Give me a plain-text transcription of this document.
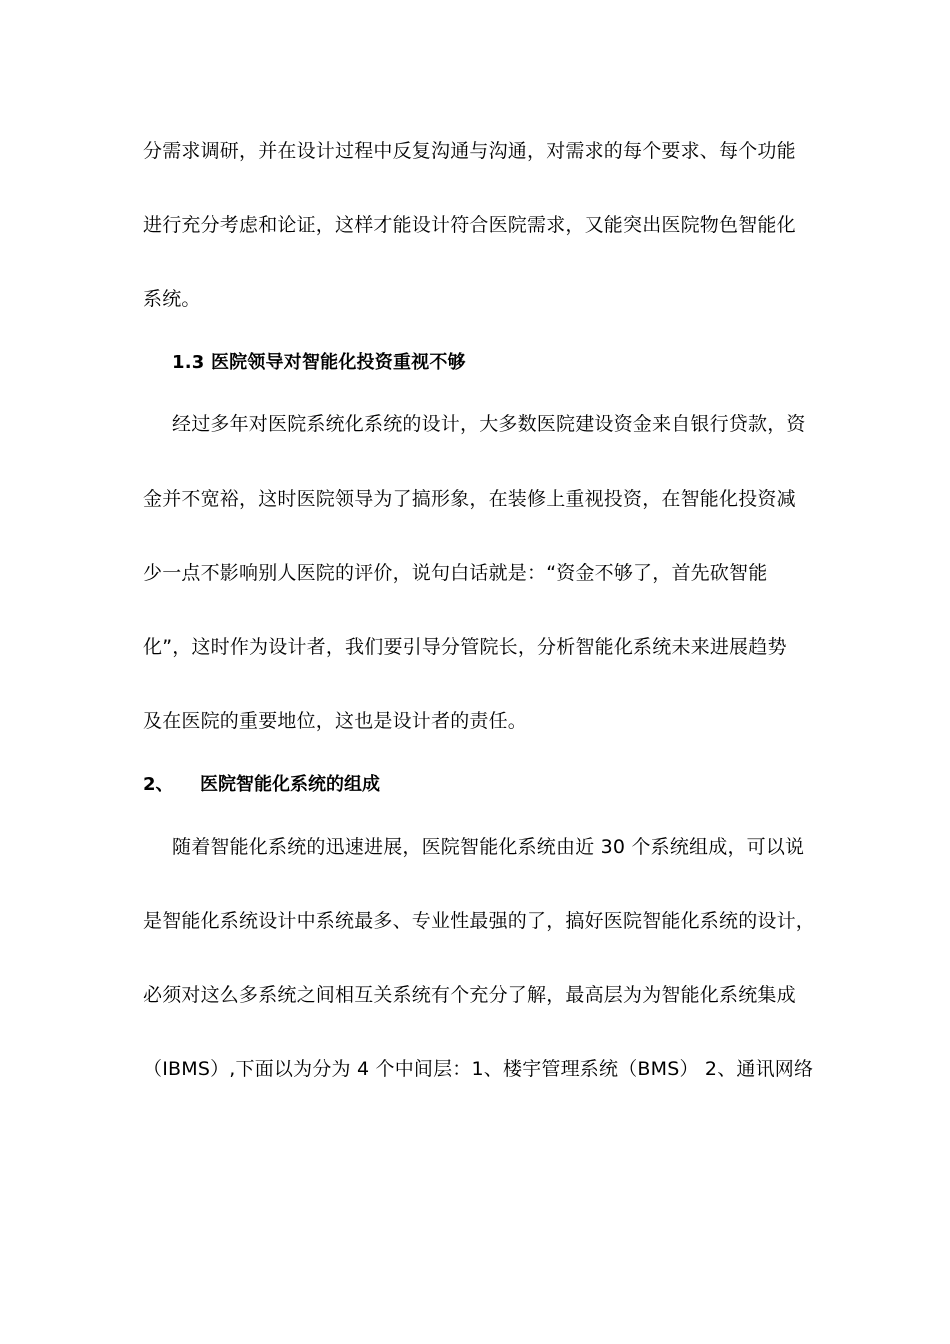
分需求调研，并在设计过程中反复沟通与沟通，对需求的每个要求、每个功能
进行充分考虑和论证，这样才能设计符合医院需求，又能突出医院物色智能化
系统。
1.3 医院领导对智能化投资重视不够
经过多年对医院系统化系统的设计，大多数医院建设资金来自银行贷款，资
金并不宽裕，这时医院领导为了搞形象，在装修上重视投资，在智能化投资减
少一点不影响别人医院的评价，说句白话就是：“资金不够了，首先砍智能
化”，这时作为设计者，我们要引导分管院长，分析智能化系统未来进展趋势
及在医院的重要地位，这也是设计者的责任。
2、 医院智能化系统的组成
随着智能化系统的迅速进展，医院智能化系统由近 30 个系统组成，可以说
是智能化系统设计中系统最多、专业性最强的了，搞好医院智能化系统的设计，
必须对这么多系统之间相互关系统有个充分了解，最高层为为智能化系统集成
（IBMS）,下面以为分为 4 个中间层：1、楼宇管理系统（BMS） 2、通讯网络
